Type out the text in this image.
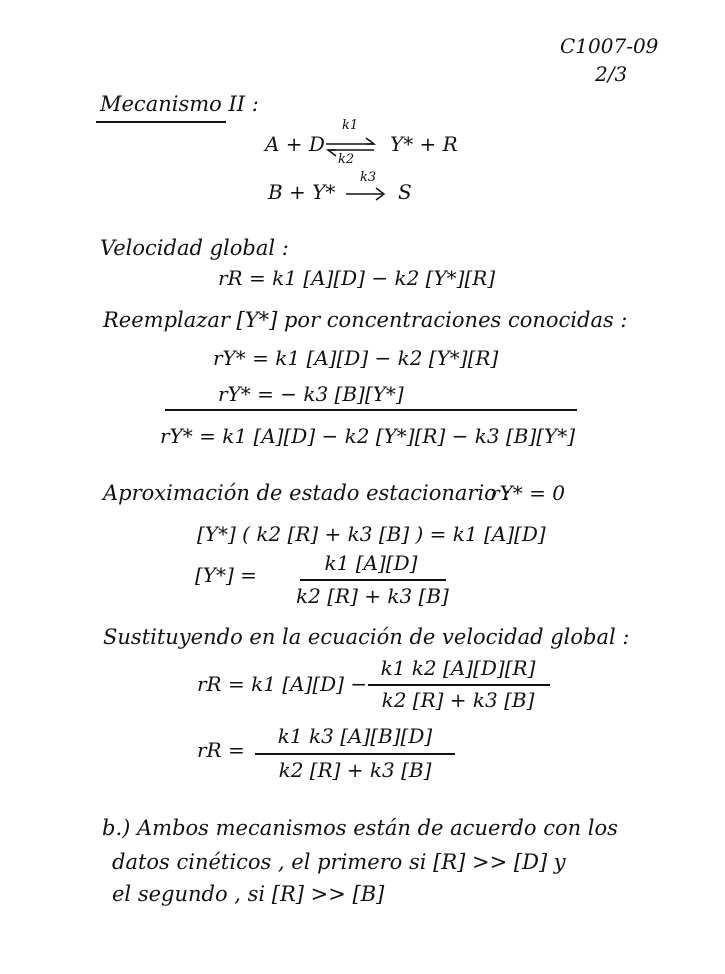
C1007-09
2/3
Mecanismo II :
A + D
k1
k2
Y* + R
B + Y*
k3
S
Velocidad global :
rR = k1 [A][D] − k2 [Y*][R]
Reemplazar [Y*] por concentraciones conocidas :
rY* = k1 [A][D] − k2 [Y*][R]
rY* = − k3 [B][Y*]
rY* = k1 [A][D] − k2 [Y*][R] − k3 [B][Y*]
Aproximación de estado estacionario :
rY* = 0
[Y*] ( k2 [R] + k3 [B] ) = k1 [A][D]
[Y*] =	k1 [A][D]
k2 [R] + k3 [B]
Sustituyendo en la ecuación de velocidad global :
rR = k1 [A][D] −
k1 k2 [A][D][R]
k2 [R] + k3 [B]
rR =
k1 k3 [A][B][D]
k2 [R] + k3 [B]
b.) Ambos mecanismos están de acuerdo con los
datos cinéticos , el primero si [R] >> [D] y
el segundo , si [R] >> [B]
